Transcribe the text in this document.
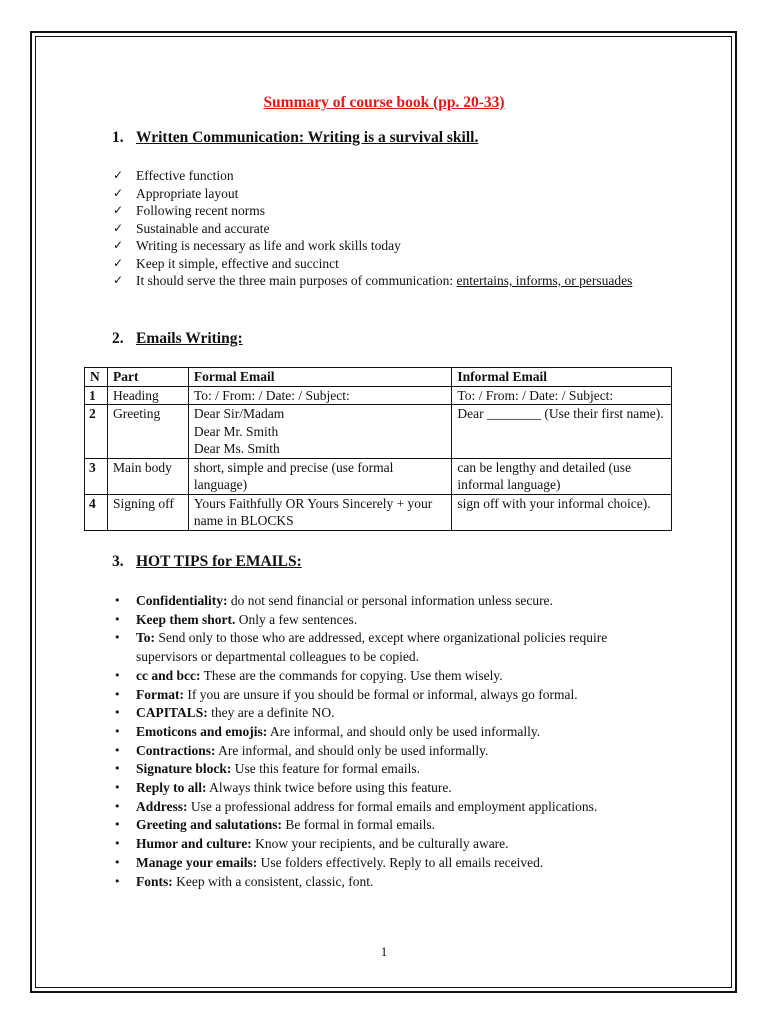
Summary of course book (pp. 20-33)
1. Written Communication: Writing is a survival skill.
✓ Effective function
✓ Appropriate layout
✓ Following recent norms
✓ Sustainable and accurate
✓ Writing is necessary as life and work skills today
✓ Keep it simple, effective and succinct
✓ It should serve the three main purposes of communication: entertains, informs, or persuades
2. Emails Writing:
N	Part	Formal Email	Informal Email
1	Heading	To: / From: / Date: / Subject:	To: / From: / Date: / Subject:

2	Greeting	Dear Sir/Madam
Dear Mr. Smith
Dear Ms. Smith	Dear ________ (Use their first name).

3	Main body	short, simple and precise (use formal language)	can be lengthy and detailed (use informal language)

4	Signing off	Yours Faithfully OR Yours Sincerely + your name in BLOCKS	sign off with your informal choice).
3. HOT TIPS for EMAILS:
• Confidentiality: do not send financial or personal information unless secure.
• Keep them short. Only a few sentences.
• To: Send only to those who are addressed, except where organizational policies require supervisors or departmental colleagues to be copied.
• cc and bcc: These are the commands for copying. Use them wisely.
• Format: If you are unsure if you should be formal or informal, always go formal.
• CAPITALS: they are a definite NO.
• Emoticons and emojis: Are informal, and should only be used informally.
• Contractions: Are informal, and should only be used informally.
• Signature block: Use this feature for formal emails.
• Reply to all: Always think twice before using this feature.
• Address: Use a professional address for formal emails and employment applications.
• Greeting and salutations: Be formal in formal emails.
• Humor and culture: Know your recipients, and be culturally aware.
• Manage your emails: Use folders effectively. Reply to all emails received.
• Fonts: Keep with a consistent, classic, font.
1
